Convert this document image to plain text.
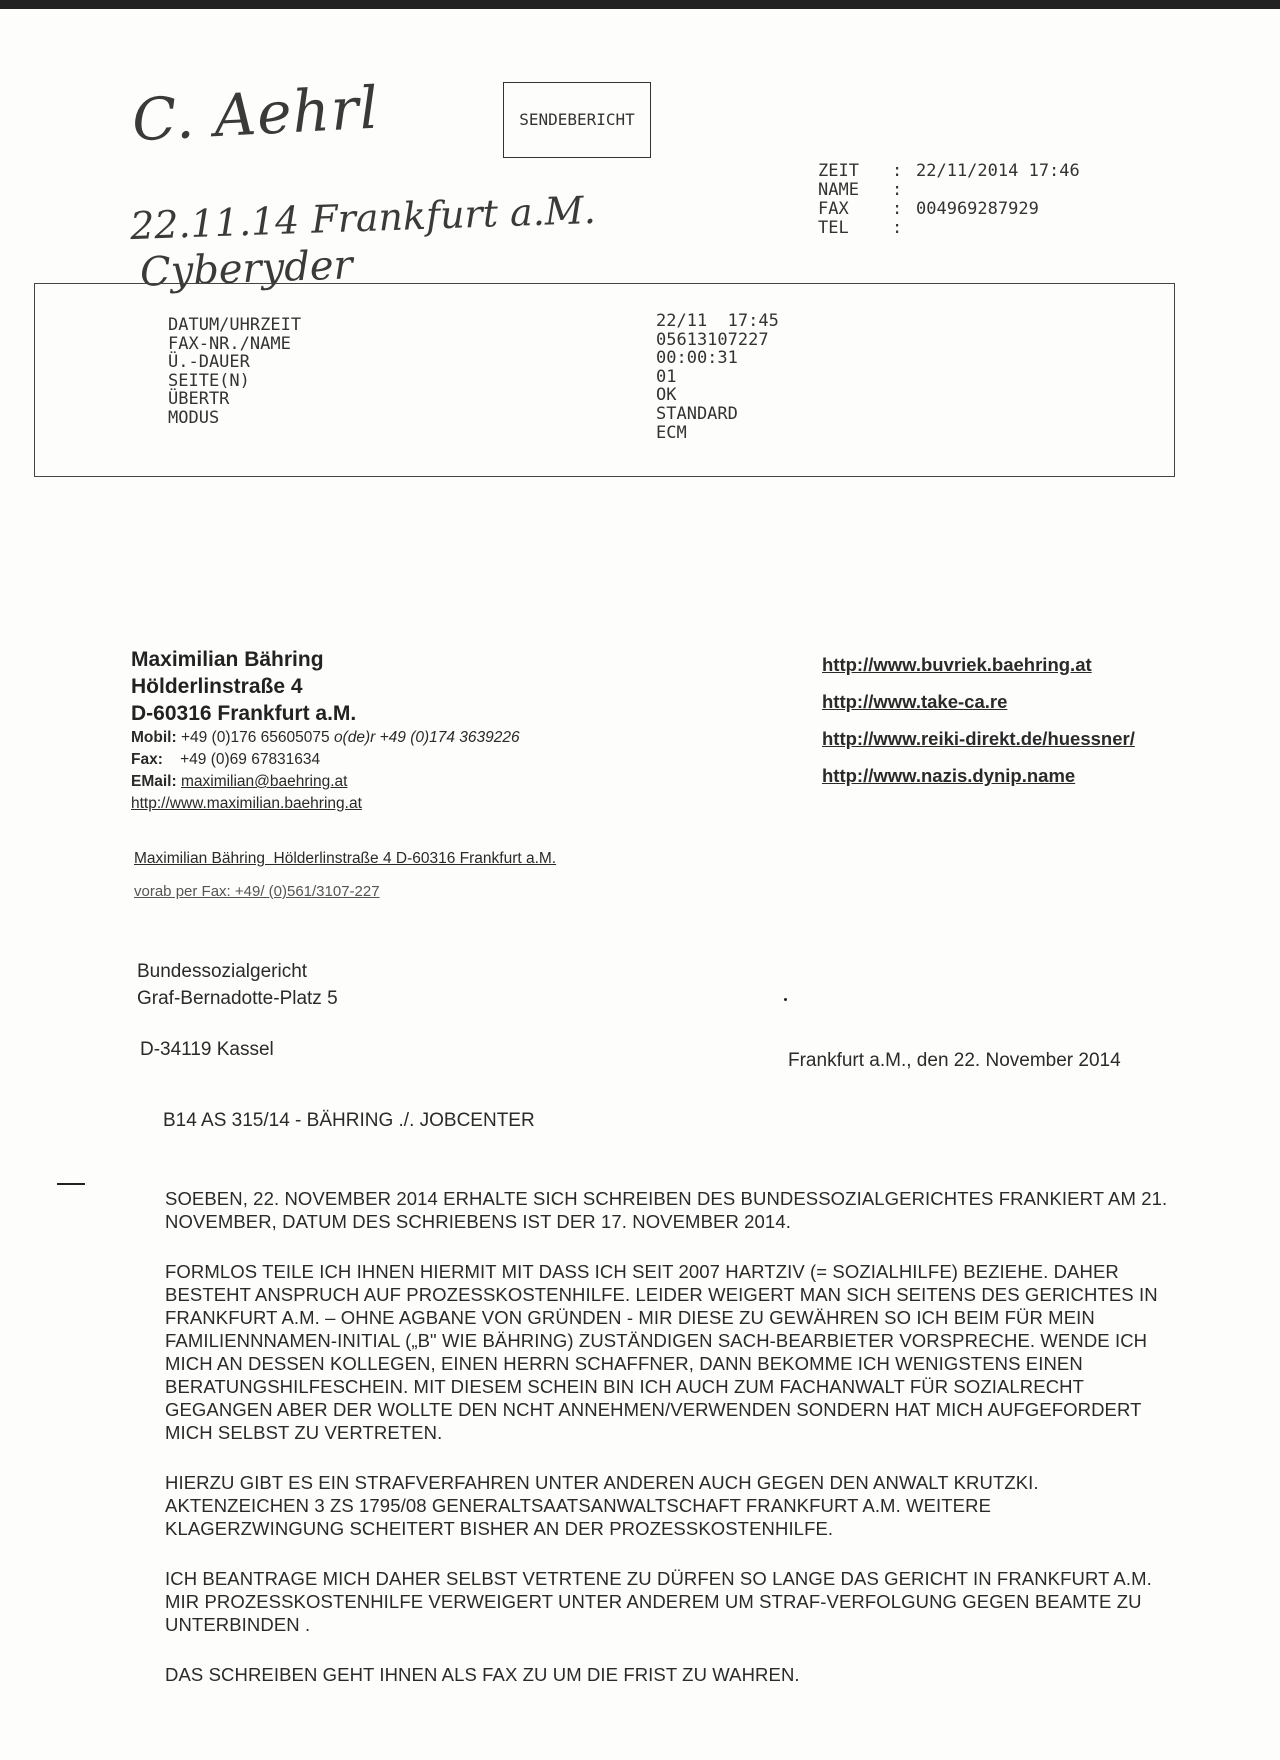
C. Aehrl
22.11.14 Frankfurt a.M.
Cyberyder
SENDEBERICHT
ZEIT
NAME
FAX
TEL
:
:
:
:
22/11/2014 17:46

004969287929

DATUM/UHRZEIT
FAX-NR./NAME
Ü.-DAUER
SEITE(N)
ÜBERTR
MODUS
22/11  17:45
05613107227
00:00:31
01
OK
STANDARD
ECM

Maximilian Bähring

Hölderlinstraße 4

D-60316 Frankfurt a.M.

Mobil: +49 (0)176 65605075 o(de)r +49 (0)174 3639226

Fax: +49 (0)69 67831634

EMail: maximilian@baehring.at

http://www.maximilian.baehring.at

http://www.buvriek.baehring.at
http://www.take-ca.re
http://www.reiki-direkt.de/huessner/
http://www.nazis.dynip.name
Maximilian Bähring  Hölderlinstraße 4 D-60316 Frankfurt a.M.
vorab per Fax: +49/ (0)561/3107-227
Bundessozialgericht
Graf-Bernadotte-Platz 5
D-34119 Kassel
Frankfurt a.M., den 22. November 2014
B14 AS 315/14 - BÄHRING ./. JOBCENTER

SOEBEN, 22. NOVEMBER 2014 ERHALTE SICH SCHREIBEN DES BUNDESSOZIALGERICHTES FRANKIERT AM 21. NOVEMBER, DATUM DES SCHRIEBENS IST DER 17. NOVEMBER 2014.

FORMLOS TEILE ICH IHNEN HIERMIT MIT DASS ICH SEIT 2007 HARTZIV (= SOZIALHILFE) BEZIEHE. DAHER BESTEHT ANSPRUCH AUF PROZESSKOSTENHILFE. LEIDER WEIGERT MAN SICH SEITENS DES GERICHTES IN FRANKFURT A.M. – OHNE AGBANE VON GRÜNDEN - MIR DIESE ZU GEWÄHREN SO ICH BEIM FÜR MEIN FAMILIENNNAMEN-INITIAL („B" WIE BÄHRING) ZUSTÄNDIGEN SACH-BEARBIETER VORSPRECHE. WENDE ICH MICH AN DESSEN KOLLEGEN, EINEN HERRN SCHAFFNER, DANN BEKOMME ICH WENIGSTENS EINEN BERATUNGSHILFESCHEIN. MIT DIESEM SCHEIN BIN ICH AUCH ZUM FACHANWALT FÜR SOZIALRECHT GEGANGEN ABER DER WOLLTE DEN NCHT ANNEHMEN/VERWENDEN SONDERN HAT MICH AUFGEFORDERT MICH SELBST ZU VERTRETEN.

HIERZU GIBT ES EIN STRAFVERFAHREN UNTER ANDEREN AUCH GEGEN DEN ANWALT KRUTZKI. AKTENZEICHEN 3 ZS 1795/08 GENERALTSAATSANWALTSCHAFT FRANKFURT A.M. WEITERE KLAGERZWINGUNG SCHEITERT BISHER AN DER PROZESSKOSTENHILFE.

ICH BEANTRAGE MICH DAHER SELBST VETRTENE ZU DÜRFEN SO LANGE DAS GERICHT IN FRANKFURT A.M. MIR PROZESSKOSTENHILFE VERWEIGERT UNTER ANDEREM UM STRAF-VERFOLGUNG GEGEN BEAMTE ZU UNTERBINDEN .

DAS SCHREIBEN GEHT IHNEN ALS FAX ZU UM DIE FRIST ZU WAHREN.
